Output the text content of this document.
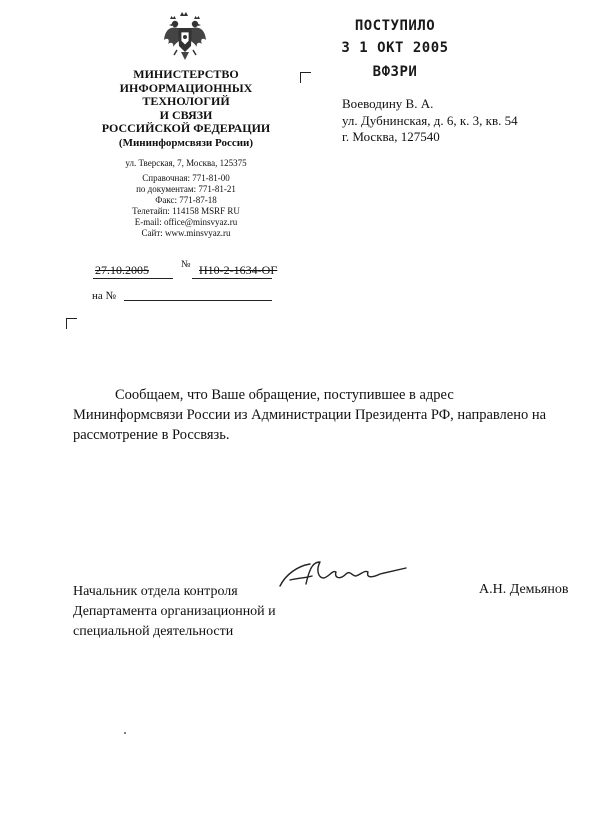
МИНИСТЕРСТВО
ИНФОРМАЦИОННЫХ
ТЕХНОЛОГИЙ
И СВЯЗИ
РОССИЙСКОЙ ФЕДЕРАЦИИ
(Мининформсвязи России)
ул. Тверская, 7, Москва, 125375
Справочная: 771-81-00
по документам: 771-81-21
Факс: 771-87-18
Телетайп: 114158 MSRF RU
E-mail: office@minsvyaz.ru
Сайт: www.minsvyaz.ru
ПОСТУПИЛО
3 1 ОКТ 2005
ВФЗРИ
Воеводину В. А.
ул. Дубнинская, д. 6, к. 3, кв. 54
г. Москва, 127540
27.10.2005	№ Н10-2-1634-ОГ
на №

Сообщаем, что Ваше обращение, поступившее в адрес Мининформсвязи России из Администрации Президента РФ, направлено на рассмотрение в Россвязь.

Начальник отдела контроля
Департамента организационной и
специальной деятельности
А.Н. Демьянов
